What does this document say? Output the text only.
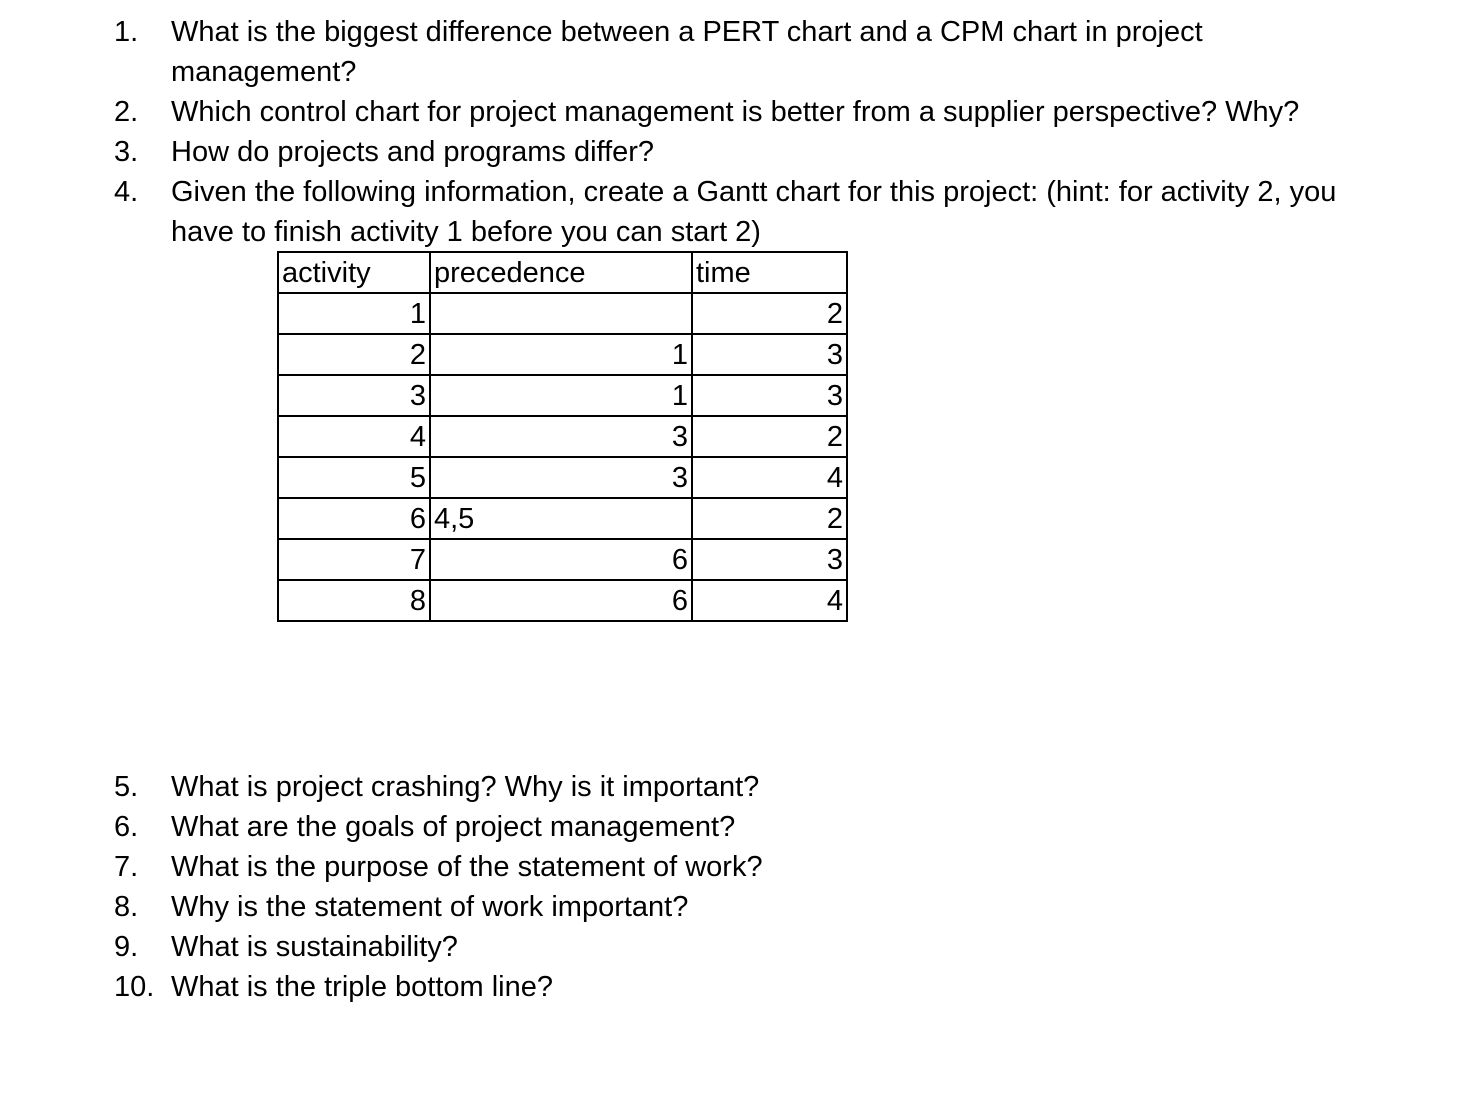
1. What is the biggest difference between a PERT chart and a CPM chart in project management?
2. Which control chart for project management is better from a supplier perspective? Why?
3. How do projects and programs differ?
4. Given the following information, create a Gantt chart for this project: (hint: for activity 2, you have to finish activity 1 before you can start 2)
activity	precedence	time
1		2
2	1	3
3	1	3
4	3	2
5	3	4
6	4,5	2
7	6	3
8	6	4
5. What is project crashing? Why is it important?
6. What are the goals of project management?
7. What is the purpose of the statement of work?
8. Why is the statement of work important?
9. What is sustainability?
10. What is the triple bottom line?
